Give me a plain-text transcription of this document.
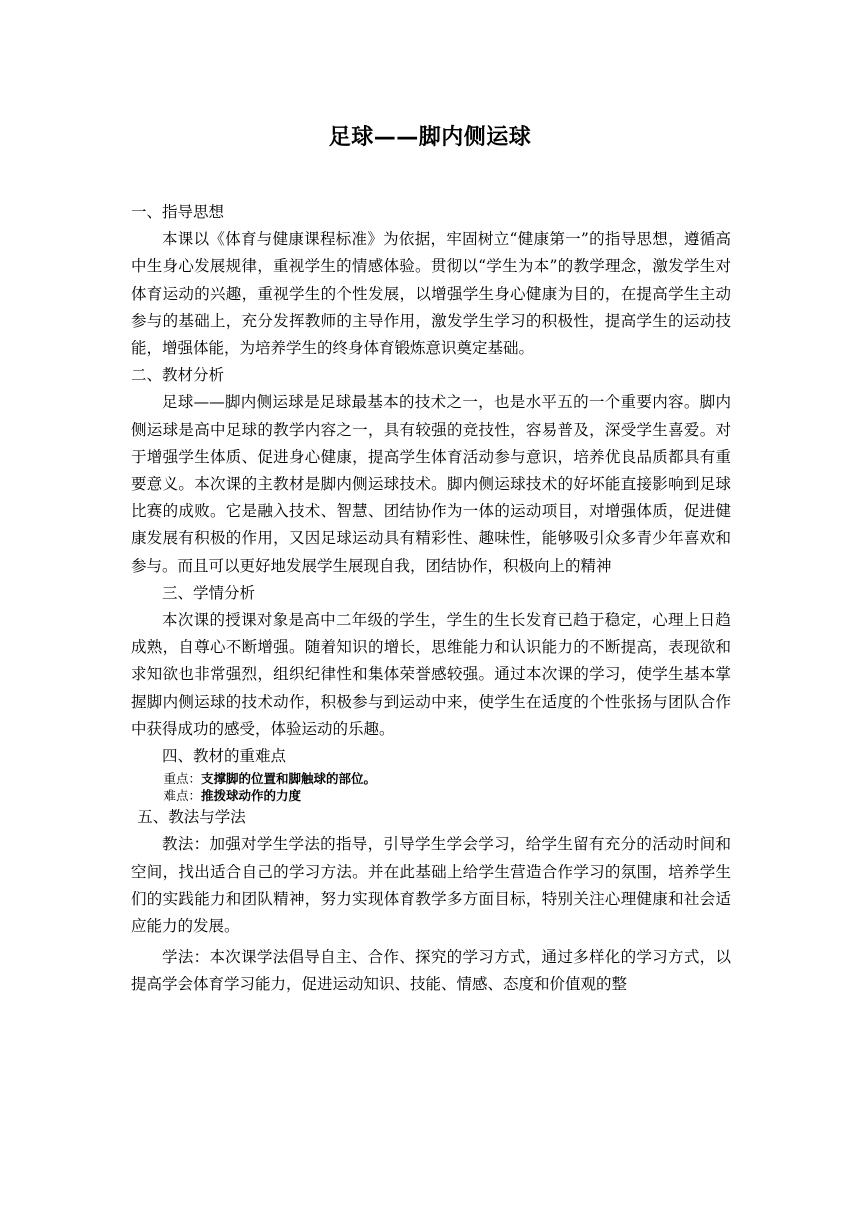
足球——脚内侧运球

一、指导思想

本课以《体育与健康课程标准》为依据，牢固树立“健康第一”的指导思想，遵循高中生身心发展规律，重视学生的情感体验。贯彻以“学生为本”的教学理念，激发学生对体育运动的兴趣，重视学生的个性发展，以增强学生身心健康为目的，在提高学生主动参与的基础上，充分发挥教师的主导作用，激发学生学习的积极性，提高学生的运动技能，增强体能，为培养学生的终身体育锻炼意识奠定基础。

二、教材分析

足球——脚内侧运球是足球最基本的技术之一，也是水平五的一个重要内容。脚内侧运球是高中足球的教学内容之一，具有较强的竞技性，容易普及，深受学生喜爱。对于增强学生体质、促进身心健康，提高学生体育活动参与意识，培养优良品质都具有重要意义。本次课的主教材是脚内侧运球技术。脚内侧运球技术的好坏能直接影响到足球比赛的成败。它是融入技术、智慧、团结协作为一体的运动项目，对增强体质，促进健康发展有积极的作用，又因足球运动具有精彩性、趣味性，能够吸引众多青少年喜欢和参与。而且可以更好地发展学生展现自我，团结协作，积极向上的精神

三、学情分析

本次课的授课对象是高中二年级的学生，学生的生长发育已趋于稳定，心理上日趋成熟，自尊心不断增强。随着知识的增长，思维能力和认识能力的不断提高，表现欲和求知欲也非常强烈，组织纪律性和集体荣誉感较强。通过本次课的学习，使学生基本掌握脚内侧运球的技术动作，积极参与到运动中来，使学生在适度的个性张扬与团队合作中获得成功的感受，体验运动的乐趣。

四、教材的重难点

重点：支撑脚的位置和脚触球的部位。

难点：推拨球动作的力度

五、教法与学法

教法：加强对学生学法的指导，引导学生学会学习，给学生留有充分的活动时间和空间，找出适合自己的学习方法。并在此基础上给学生营造合作学习的氛围，培养学生们的实践能力和团队精神，努力实现体育教学多方面目标，特别关注心理健康和社会适应能力的发展。

学法：本次课学法倡导自主、合作、探究的学习方式，通过多样化的学习方式，以提高学会体育学习能力，促进运动知识、技能、情感、态度和价值观的整
